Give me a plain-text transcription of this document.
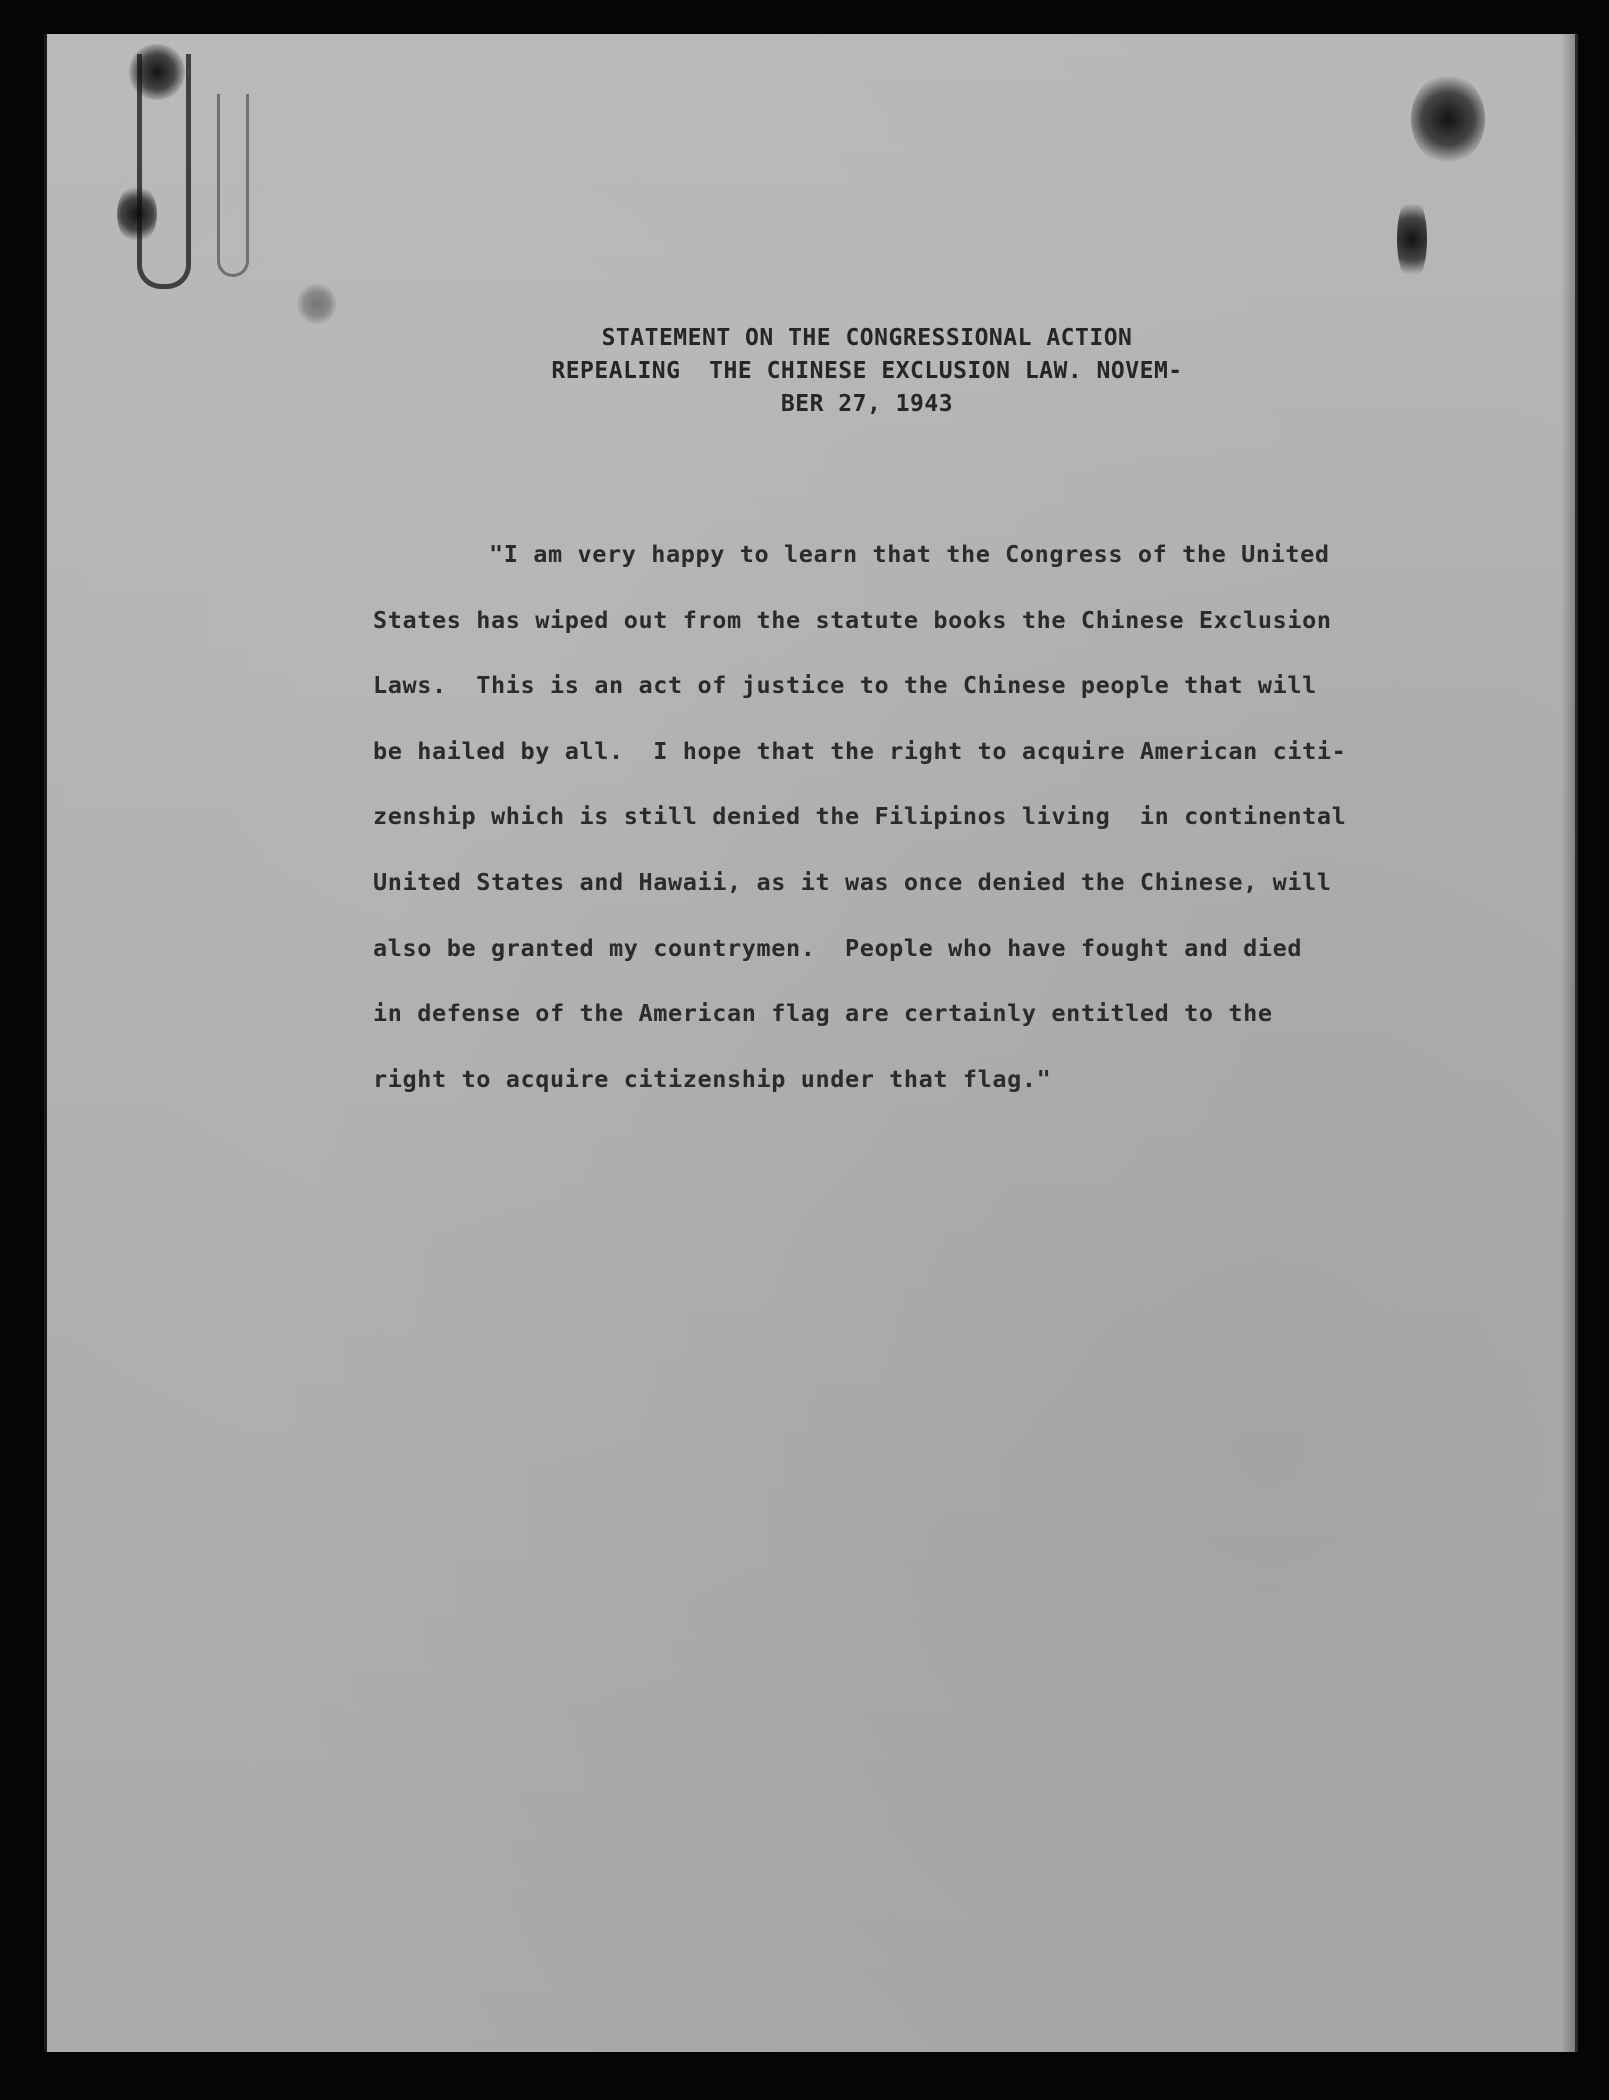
STATEMENT ON THE CONGRESSIONAL ACTION
REPEALING  THE CHINESE EXCLUSION LAW. NOVEM-
BER 27, 1943
"I am very happy to learn that the Congress of the United
States has wiped out from the statute books the Chinese Exclusion
Laws.  This is an act of justice to the Chinese people that will
be hailed by all.  I hope that the right to acquire American citi-
zenship which is still denied the Filipinos living  in continental
United States and Hawaii, as it was once denied the Chinese, will
also be granted my countrymen.  People who have fought and died
in defense of the American flag are certainly entitled to the
right to acquire citizenship under that flag."
